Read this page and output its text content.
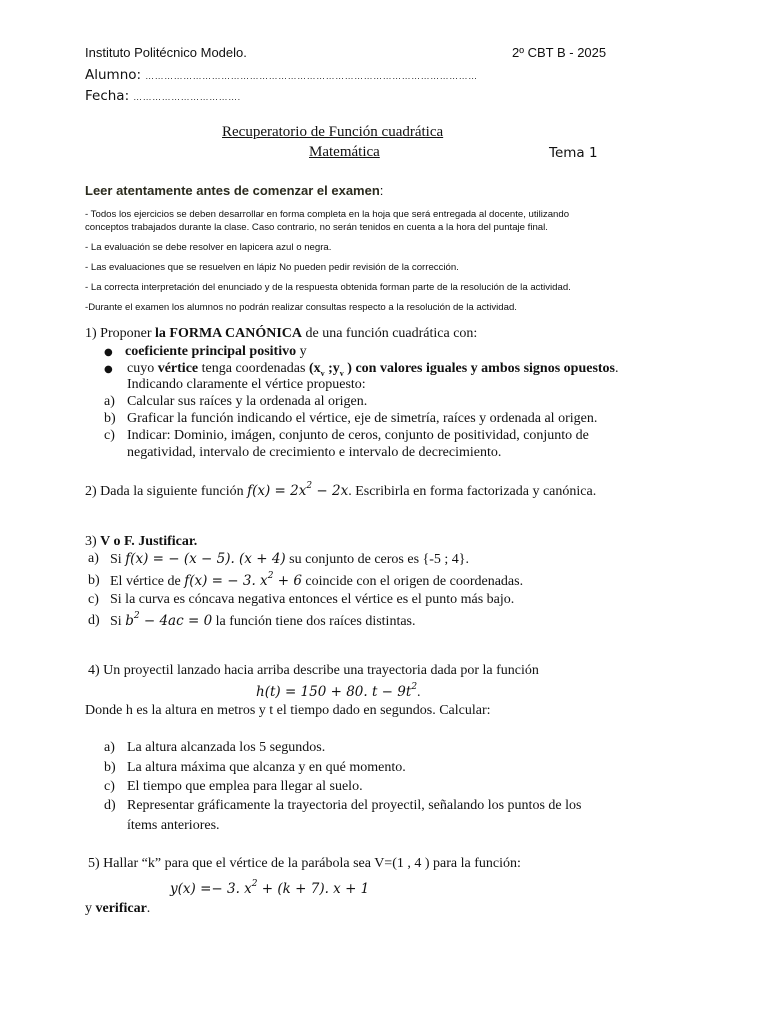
Instituto Politécnico Modelo.	2º CBT B - 2025
Alumno: ……………………………………………………………………………………………
Fecha: …………………………….
Recuperatorio de Función cuadrática
Matemática	Tema 1
Leer atentamente antes de comenzar el examen:
- Todos los ejercicios se deben desarrollar en forma completa en la hoja que será entregada al docente, utilizando
conceptos trabajados durante la clase. Caso contrario, no serán tenidos en cuenta a la hora del puntaje final.
- La evaluación se debe resolver en lapicera azul o negra.
- Las evaluaciones que se resuelven en lápiz No pueden pedir revisión de la corrección.
- La correcta interpretación del enunciado y de la respuesta obtenida forman parte de la resolución de la actividad.
-Durante el examen los alumnos no podrán realizar consultas respecto a la resolución de la actividad.
1) Proponer la FORMA CANÓNICA de una función cuadrática con:
● coeficiente principal positivo y
● cuyo vértice tenga coordenadas ($x_v$ $;y_v$ ) con valores iguales y ambos signos opuestos.
Indicando claramente el vértice propuesto:
a) Calcular sus raíces y la ordenada al origen.
b) Graficar la función indicando el vértice, eje de simetría, raíces y ordenada al origen.
c) Indicar: Dominio, imágen, conjunto de ceros, conjunto de positividad, conjunto de
negatividad, intervalo de crecimiento e intervalo de decrecimiento.
2) Dada la siguiente función $f(x) = 2x^2 - 2x$. Escribirla en forma factorizada y canónica.
3) V o F. Justificar.
a) Si f(x) = − (x − 5). (x + 4) su conjunto de ceros es {-5 ; 4}.
b) El vértice de f(x) = − 3. $x^2 + 6$ coincide con el origen de coordenadas.
c) Si la curva es cóncava negativa entonces el vértice es el punto más bajo.
d) Si $b^2 - 4ac = 0$ la función tiene dos raíces distintas.
4) Un proyectil lanzado hacia arriba describe una trayectoria dada por la función
h(t) = 150 + 80. $t - 9t^2$.
Donde h es la altura en metros y t el tiempo dado en segundos. Calcular:
a) La altura alcanzada los 5 segundos.
b) La altura máxima que alcanza y en qué momento.
c) El tiempo que emplea para llegar al suelo.
d) Representar gráficamente la trayectoria del proyectil, señalando los puntos de los
ítems anteriores.
5) Hallar “k” para que el vértice de la parábola sea V=(1 , 4 ) para la función:
y(x) =− 3. $x^2 + (k + 7)$. x + 1
y verificar.
